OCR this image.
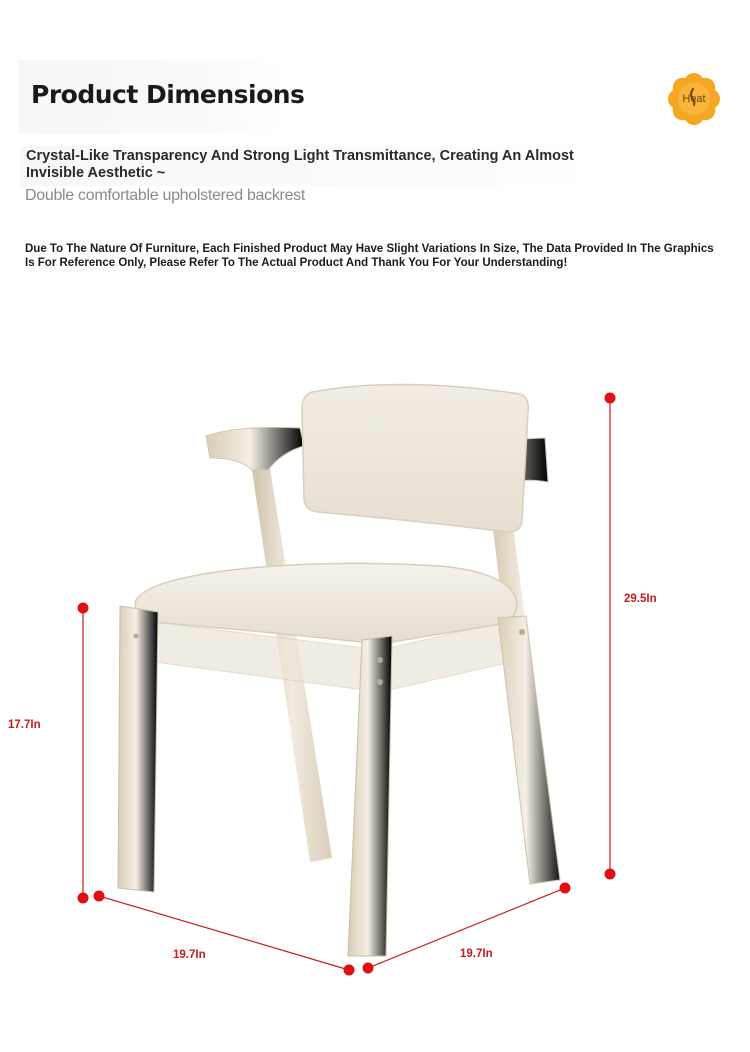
Product Dimensions	Heat

Crystal-Like Transparency And Strong Light Transmittance, Creating An Almost Invisible Aesthetic ~

Double comfortable upholstered backrest

Due To The Nature Of Furniture, Each Finished Product May Have Slight Variations In Size, The Data Provided In The Graphics Is For Reference Only, Please Refer To The Actual Product And Thank You For Your Understanding!

29.5In
17.7In
19.7In	19.7In
